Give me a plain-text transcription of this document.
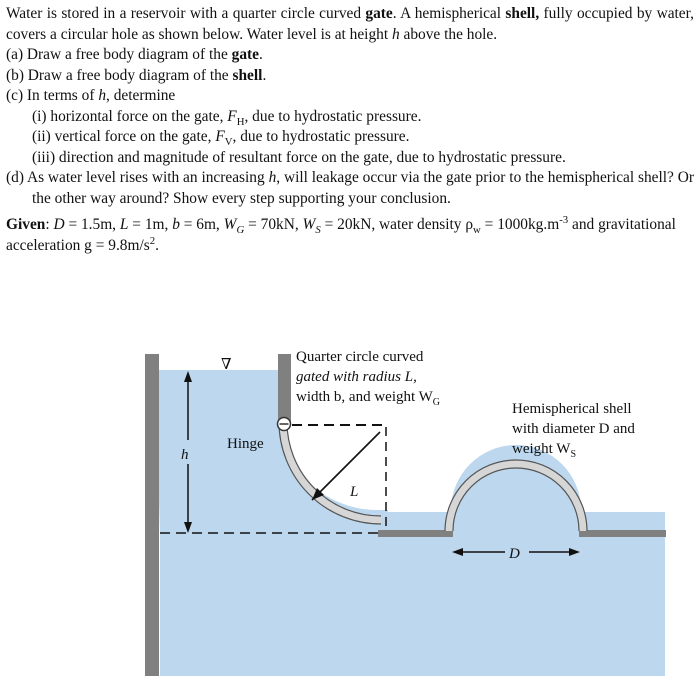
Water is stored in a reservoir with a quarter circle curved gate. A hemispherical shell, fully occupied by water, covers a circular hole as shown below. Water level is at height h above the hole.

(a) Draw a free body diagram of the gate.

(b) Draw a free body diagram of the shell.

(c) In terms of h, determine

(i) horizontal force on the gate, $F_H$, due to hydrostatic pressure.

(ii) vertical force on the gate, $F_V$, due to hydrostatic pressure.

(iii) direction and magnitude of resultant force on the gate, due to hydrostatic pressure.

(d) As water level rises with an increasing h, will leakage occur via the gate prior to the hemispherical shell? Or the other way around? Show every step supporting your conclusion.

Given: D = 1.5m, L = 1m, b = 6m, $W_G = 70kN$, $W_S = 20kN$, water density $\rho_w = 1000kg.m^{-3}$ and gravitational acceleration $g = 9.8m/s^2$.

∇	Quarter circle curved gated with radius L, width b, and weight $W_G$	Hemispherical shell with diameter D and weight $W_S$
Hinge
h
L
D
